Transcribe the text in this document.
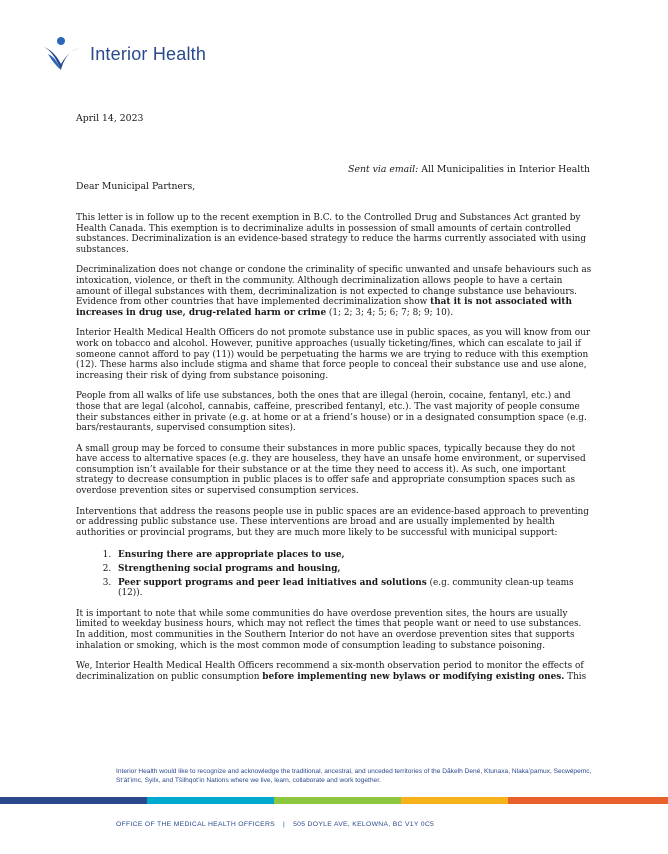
Interior Health
April 14, 2023
Sent via email: All Municipalities in Interior Health
Dear Municipal Partners,

This letter is in follow up to the recent exemption in B.C. to the Controlled Drug and Substances Act granted by Health Canada. This exemption is to decriminalize adults in possession of small amounts of certain controlled substances. Decriminalization is an evidence-based strategy to reduce the harms currently associated with using substances.

Decriminalization does not change or condone the criminality of specific unwanted and unsafe behaviours such as intoxication, violence, or theft in the community. Although decriminalization allows people to have a certain amount of illegal substances with them, decriminalization is not expected to change substance use behaviours. Evidence from other countries that have implemented decriminalization show that it is not associated with increases in drug use, drug-related harm or crime (1; 2; 3; 4; 5; 6; 7; 8; 9; 10).

Interior Health Medical Health Officers do not promote substance use in public spaces, as you will know from our work on tobacco and alcohol. However, punitive approaches (usually ticketing/fines, which can escalate to jail if someone cannot afford to pay (11)) would be perpetuating the harms we are trying to reduce with this exemption (12). These harms also include stigma and shame that force people to conceal their substance use and use alone, increasing their risk of dying from substance poisoning.

People from all walks of life use substances, both the ones that are illegal (heroin, cocaine, fentanyl, etc.) and those that are legal (alcohol, cannabis, caffeine, prescribed fentanyl, etc.). The vast majority of people consume their substances either in private (e.g. at home or at a friend’s house) or in a designated consumption space (e.g. bars/restaurants, supervised consumption sites).

A small group may be forced to consume their substances in more public spaces, typically because they do not have access to alternative spaces (e.g. they are houseless, they have an unsafe home environment, or supervised consumption isn’t available for their substance or at the time they need to access it). As such, one important strategy to decrease consumption in public places is to offer safe and appropriate consumption spaces such as overdose prevention sites or supervised consumption services.

Interventions that address the reasons people use in public spaces are an evidence-based approach to preventing or addressing public substance use. These interventions are broad and are usually implemented by health authorities or provincial programs, but they are much more likely to be successful with municipal support:

1. Ensuring there are appropriate places to use,
2. Strengthening social programs and housing,
3. Peer support programs and peer lead initiatives and solutions (e.g. community clean-up teams (12)).

It is important to note that while some communities do have overdose prevention sites, the hours are usually limited to weekday business hours, which may not reflect the times that people want or need to use substances. In addition, most communities in the Southern Interior do not have an overdose prevention sites that supports inhalation or smoking, which is the most common mode of consumption leading to substance poisoning.

We, Interior Health Medical Health Officers recommend a six-month observation period to monitor the effects of decriminalization on public consumption before implementing new bylaws or modifying existing ones. This

Interior Health would like to recognize and acknowledge the traditional, ancestral, and unceded territories of the Dãkelh Dené, Ktunaxa, Nlaka’pamux, Secwépemc, St’át’imc, Syilx, and Tŝilhqot’in Nations where we live, learn, collaborate and work together.
OFFICE OF THE MEDICAL HEALTH OFFICERS | 505 DOYLE AVE, KELOWNA, BC V1Y 0C5
